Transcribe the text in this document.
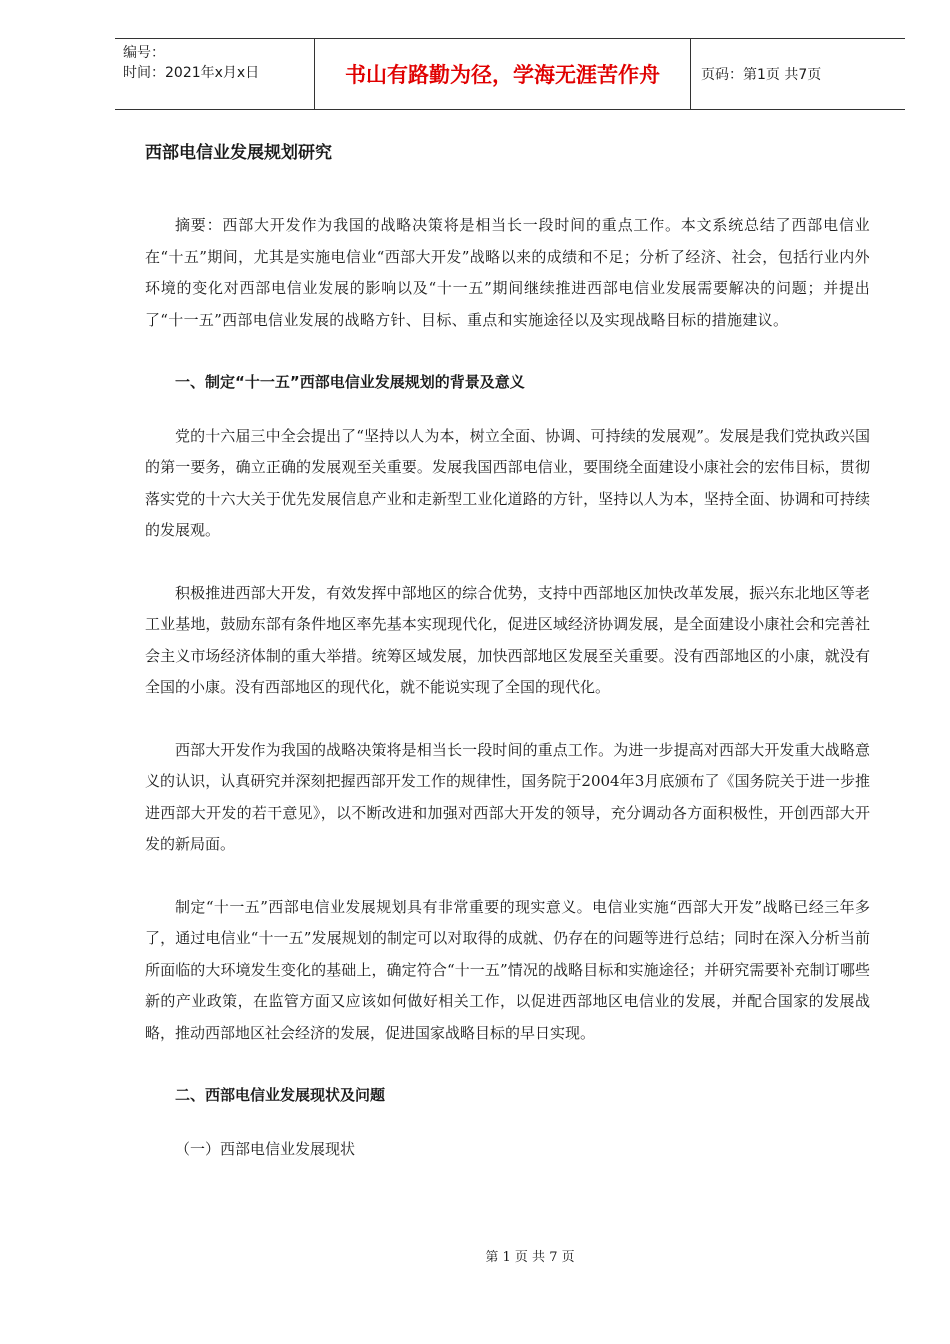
编号：
时间：2021年x月x日	书山有路勤为径，学海无涯苦作舟	页码：第1页 共7页
西部电信业发展规划研究

摘要：西部大开发作为我国的战略决策将是相当长一段时间的重点工作。本文系统总结了西部电信业在“十五”期间，尤其是实施电信业“西部大开发”战略以来的成绩和不足；分析了经济、社会，包括行业内外环境的变化对西部电信业发展的影响以及“十一五”期间继续推进西部电信业发展需要解决的问题；并提出了“十一五”西部电信业发展的战略方针、目标、重点和实施途径以及实现战略目标的措施建议。

一、制定“十一五”西部电信业发展规划的背景及意义

党的十六届三中全会提出了“坚持以人为本，树立全面、协调、可持续的发展观”。发展是我们党执政兴国的第一要务，确立正确的发展观至关重要。发展我国西部电信业，要围绕全面建设小康社会的宏伟目标，贯彻落实党的十六大关于优先发展信息产业和走新型工业化道路的方针，坚持以人为本，坚持全面、协调和可持续的发展观。

积极推进西部大开发，有效发挥中部地区的综合优势，支持中西部地区加快改革发展，振兴东北地区等老工业基地，鼓励东部有条件地区率先基本实现现代化，促进区域经济协调发展，是全面建设小康社会和完善社会主义市场经济体制的重大举措。统筹区域发展，加快西部地区发展至关重要。没有西部地区的小康，就没有全国的小康。没有西部地区的现代化，就不能说实现了全国的现代化。

西部大开发作为我国的战略决策将是相当长一段时间的重点工作。为进一步提高对西部大开发重大战略意义的认识，认真研究并深刻把握西部开发工作的规律性，国务院于2004年3月底颁布了《国务院关于进一步推进西部大开发的若干意见》，以不断改进和加强对西部大开发的领导，充分调动各方面积极性，开创西部大开发的新局面。

制定“十一五”西部电信业发展规划具有非常重要的现实意义。电信业实施“西部大开发”战略已经三年多了，通过电信业“十一五”发展规划的制定可以对取得的成就、仍存在的问题等进行总结；同时在深入分析当前所面临的大环境发生变化的基础上，确定符合“十一五”情况的战略目标和实施途径；并研究需要补充制订哪些新的产业政策，在监管方面又应该如何做好相关工作，以促进西部地区电信业的发展，并配合国家的发展战略，推动西部地区社会经济的发展，促进国家战略目标的早日实现。

二、西部电信业发展现状及问题
（一）西部电信业发展现状
第 1 页 共 7 页
